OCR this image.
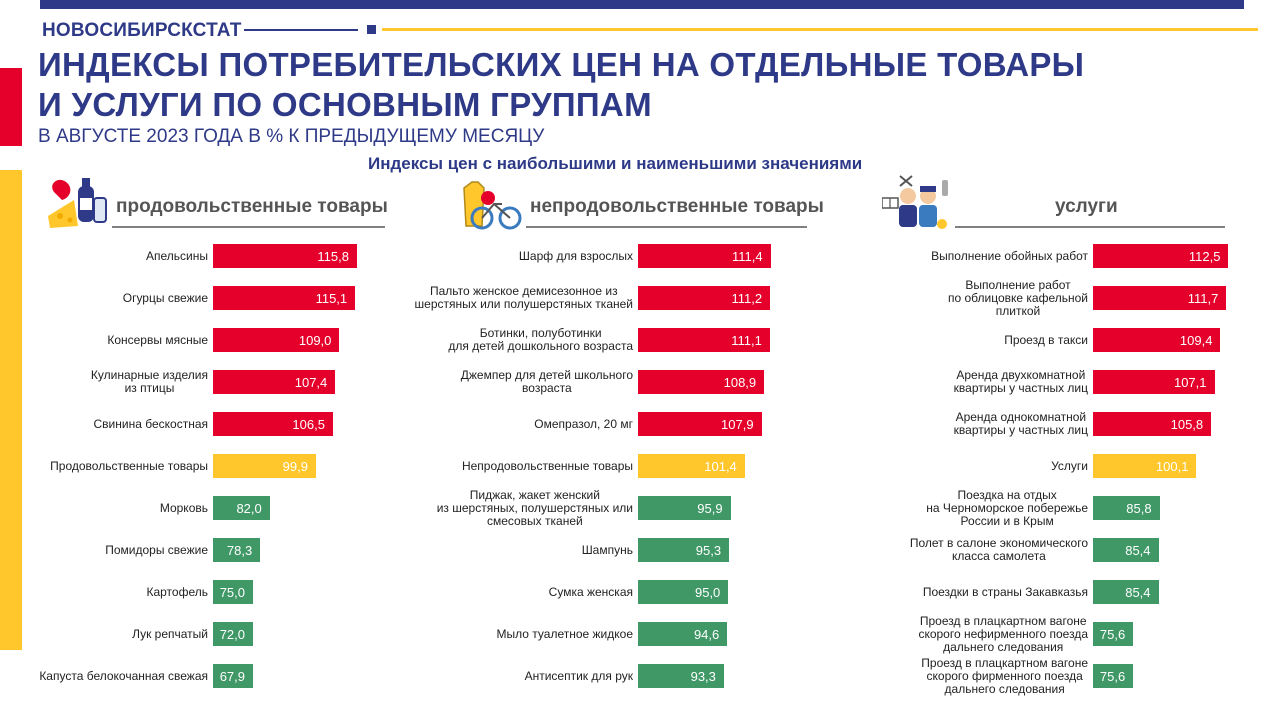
НОВОСИБИРСКСТАТ
ИНДЕКСЫ ПОТРЕБИТЕЛЬСКИХ ЦЕН НА ОТДЕЛЬНЫЕ ТОВАРЫ
И УСЛУГИ ПО ОСНОВНЫМ ГРУППАМ
В АВГУСТЕ 2023 ГОДА В % К ПРЕДЫДУЩЕМУ МЕСЯЦУ
Индексы цен с наибольшими и наименьшими значениями
продовольственные товары	непродовольственные товары	услуги
Апельсины	115,8
Огурцы свежие	115,1
Консервы мясные	109,0
Кулинарные изделия
из птицы	107,4
Свинина бескостная	106,5
Продовольственные товары	99,9
Морковь 82,0
Помидоры свежие 78,3
Картофель 75,0
Лук репчатый 72,0
Капуста белокочанная свежая 67,9
Шарф для взрослых	111,4
Пальто женское демисезонное из
шерстяных или полушерстяных тканей	111,2
Ботинки, полуботинки
для детей дошкольного возраста	111,1
Джемпер для детей школьного
возраста	108,9
Омепразол, 20 мг	107,9
Непродовольственные товары	101,4
Пиджак, жакет женский
из шерстяных, полушерстяных или
смесовых тканей
95,9
Шампунь	95,3
Сумка женская	95,0
Мыло туалетное жидкое	94,6
Антисептик для рук	93,3
Выполнение обойных работ	112,5
Выполнение работ
по облицовке кафельной
плиткой
111,7
Проезд в такси	109,4
Аренда двухкомнатной
квартиры у частных лиц	107,1
Аренда однокомнатной
квартиры у частных лиц	105,8
Услуги	100,1
Поездка на отдых
на Черноморское побережье
России и в Крым
85,8
Полет в салоне экономического
класса самолета	85,4
Поездки в страны Закавказья	85,4
Проезд в плацкартном вагоне
скорого нефирменного поезда
дальнего следования
75,6
Проезд в плацкартном вагоне
скорого фирменного поезда
дальнего следования
75,6
